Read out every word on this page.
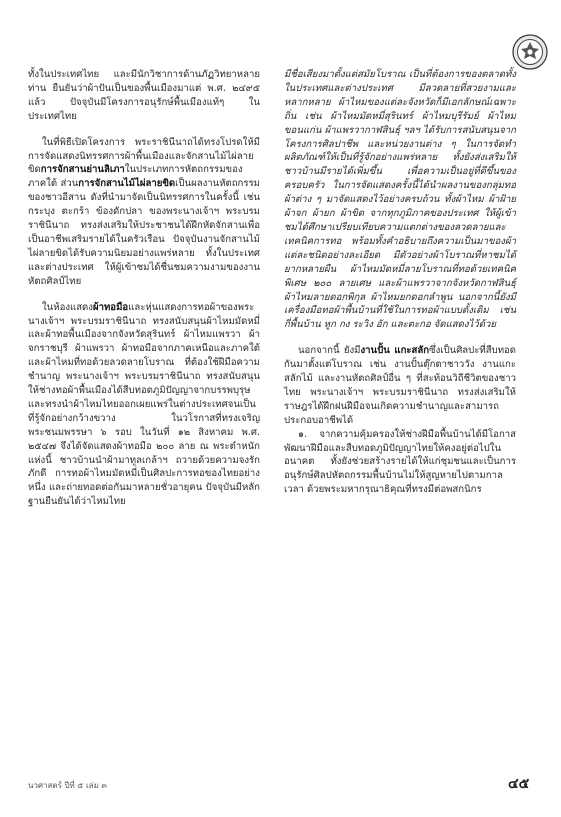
ทั้งในประเทศไทย และมีนักวิชาการด้านภัฏวิทยาหลายท่าน ยืนยันว่าผ้าปันเป็นของพื้นเมืองมาแต่ พ.ศ. ๒๔๙๕ แล้ว ปัจจุบันมีโครงการอนุรักษ์พื้นเมืองแท้ๆ ในประเทศไทย

ในที่พิธีเปิดโครงการ พระราชินีนาถได้ทรงโปรดให้มีการจัดแสดงนิทรรศการผ้าพื้นเมืองและจักสานไม้ไผ่ลายขิดการจักสานย่านลิเภาในประเภทการหัตถกรรมของภาคใต้ ส่วนการจักสานไม้ไผ่ลายขิดเป็นผลงานหัตถกรรมของชาวอีสาน ดังที่นำมาจัดเป็นนิทรรศการในครั้งนี้ เช่น กระบุง ตะกร้า ข้องดักปลา ของพระนางเจ้าฯ พระบรมราชินีนาถ ทรงส่งเสริมให้ประชาชนได้ฝึกหัดจักสานเพื่อเป็นอาชีพเสริมรายได้ในครัวเรือน ปัจจุบันงานจักสานไม้ไผ่ลายขิดได้รับความนิยมอย่างแพร่หลาย ทั้งในประเทศและต่างประเทศ ให้ผู้เข้าชมได้ชื่นชมความงามของงานหัตถศิลป์ไทย

ในห้องแสดงผ้าทอมือและหุ่นแสดงการทอผ้าของพระนางเจ้าฯ พระบรมราชินีนาถ ทรงสนับสนุนผ้าไหมมัดหมี่และผ้าทอพื้นเมืองจากจังหวัดสุรินทร์ ผ้าไหมแพรวา ผ้าจกราชบุรี ผ้าแพรวา ผ้าทอมือจากภาคเหนือและภาคใต้ และผ้าไหมที่ทอด้วยลวดลายโบราณ ที่ต้องใช้ฝีมือความชำนาญ พระนางเจ้าฯ พระบรมราชินีนาถ ทรงสนับสนุนให้ช่างทอผ้าพื้นเมืองได้สืบทอดภูมิปัญญาจากบรรพบุรุษ และทรงนำผ้าไหมไทยออกเผยแพร่ในต่างประเทศจนเป็นที่รู้จักอย่างกว้างขวาง ในวโรกาสที่ทรงเจริญพระชนมพรรษา ๖ รอบ ในวันที่ ๑๒ สิงหาคม พ.ศ. ๒๕๔๗ จึงได้จัดแสดงผ้าทอมือ ๒๐๐ ลาย ณ พระตำหนักแห่งนี้ ชาวบ้านนำผ้ามาทูลเกล้าฯ ถวายด้วยความจงรักภักดี การทอผ้าไหมมัดหมี่เป็นศิลปะการทอของไทยอย่างหนึ่ง และถ่ายทอดต่อกันมาหลายชั่วอายุคน ปัจจุบันมีหลักฐานยืนยันได้ว่าไหมไทย

มีชื่อเสียงมาตั้งแต่สมัยโบราณ เป็นที่ต้องการของตลาดทั้งในประเทศและต่างประเทศ มีลวดลายที่สวยงามและหลากหลาย ผ้าไหมของแต่ละจังหวัดก็มีเอกลักษณ์เฉพาะถิ่น เช่น ผ้าไหมมัดหมี่สุรินทร์ ผ้าไหมบุรีรัมย์ ผ้าไหมขอนแก่น ผ้าแพรวากาฬสินธุ์ ฯลฯ ได้รับการสนับสนุนจากโครงการศิลปาชีพ และหน่วยงานต่าง ๆ ในการจัดทำผลิตภัณฑ์ให้เป็นที่รู้จักอย่างแพร่หลาย ทั้งยังส่งเสริมให้ชาวบ้านมีรายได้เพิ่มขึ้น เพื่อความเป็นอยู่ที่ดีขึ้นของครอบครัว ในการจัดแสดงครั้งนี้ได้นำผลงานของกลุ่มทอผ้าต่าง ๆ มาจัดแสดงไว้อย่างครบถ้วน ทั้งผ้าไหม ผ้าฝ้าย ผ้าจก ผ้ายก ผ้าขิด จากทุกภูมิภาคของประเทศ ให้ผู้เข้าชมได้ศึกษาเปรียบเทียบความแตกต่างของลวดลายและเทคนิคการทอ พร้อมทั้งคำอธิบายถึงความเป็นมาของผ้าแต่ละชนิดอย่างละเอียด มีตัวอย่างผ้าโบราณที่หาชมได้ยากหลายผืน ผ้าไหมมัดหมี่ลายโบราณที่ทอด้วยเทคนิคพิเศษ ๒๐๐ ลายเศษ และผ้าแพรวาจากจังหวัดกาฬสินธุ์ ผ้าไหมลายดอกพิกุล ผ้าไหมยกดอกลำพูน นอกจากนี้ยังมีเครื่องมือทอผ้าพื้นบ้านที่ใช้ในการทอผ้าแบบดั้งเดิม เช่น กี่พื้นบ้าน หูก กง ระวิง อัก และตะกอ จัดแสดงไว้ด้วย

นอกจากนี้ ยังมีงานปั้น แกะสลักซึ่งเป็นศิลปะที่สืบทอดกันมาตั้งแต่โบราณ เช่น งานปั้นตุ๊กตาชาววัง งานแกะสลักไม้ และงานหัตถศิลป์อื่น ๆ ที่สะท้อนวิถีชีวิตของชาวไทย พระนางเจ้าฯ พระบรมราชินีนาถ ทรงส่งเสริมให้ราษฎรได้ฝึกฝนฝีมือจนเกิดความชำนาญและสามารถประกอบอาชีพได้

๑. จากความคุ้มครองให้ช่างฝีมือพื้นบ้านได้มีโอกาสพัฒนาฝีมือและสืบทอดภูมิปัญญาไทยให้คงอยู่ต่อไปในอนาคต ทั้งยังช่วยสร้างรายได้ให้แก่ชุมชนและเป็นการอนุรักษ์ศิลปหัตถกรรมพื้นบ้านไม่ให้สูญหายไปตามกาลเวลา ด้วยพระมหากรุณาธิคุณที่ทรงมีต่อพสกนิกร

นวศาสตร์ ปีที่ ๕ เล่ม ๓	๔๕
